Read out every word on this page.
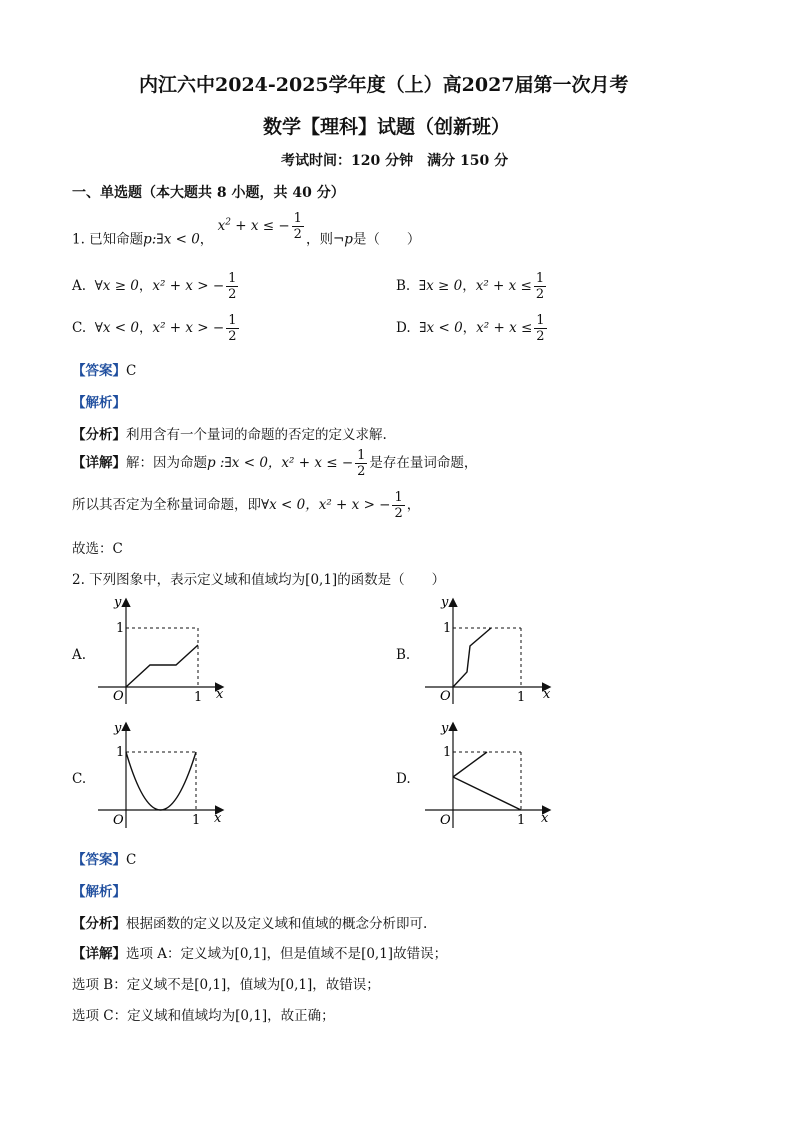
内江六中2024-2025学年度（上）高2027届第一次月考
数学【理科】试题（创新班）
考试时间：120 分钟　满分 150 分
一、单选题（本大题共 8 小题，共 40 分）
1. 已知命题p:∃x < 0， $x^2 + x$ ≤ − $\frac{1}{2}$ ，则¬p是（　　）
A. ∀x ≥ 0，x² + x > − $\frac{1}{2}$	B. ∃x ≥ 0，$x^2 + x \le \frac{1}{2}$
C. ∀x < 0，x² + x > − $\frac{1}{2}$	D. ∃x < 0，$x^2 + x \le \frac{1}{2}$
【答案】C
【解析】
【分析】利用含有一个量词的命题的否定的定义求解.
【详解】解：因为命题p :∃x < 0，x² + x ≤ − $\frac{1}{2}$ 是存在量词命题，
所以其否定为全称量词命题，即∀x < 0，x² + x > − $\frac{1}{2}$ ，
故选：C
2. 下列图象中，表示定义域和值域均为[0,1]的函数是（　　）
A.
y
1
O	1 x
B.
y
1
O	1 x
C.
y
1
O	1 x
D.
y
1
O	1 x
【答案】C
【解析】
【分析】根据函数的定义以及定义域和值域的概念分析即可.
【详解】选项 A：定义域为[0,1]，但是值域不是[0,1]故错误；
选项 B：定义域不是[0,1]，值域为[0,1]，故错误；
选项 C：定义域和值域均为[0,1]，故正确；
